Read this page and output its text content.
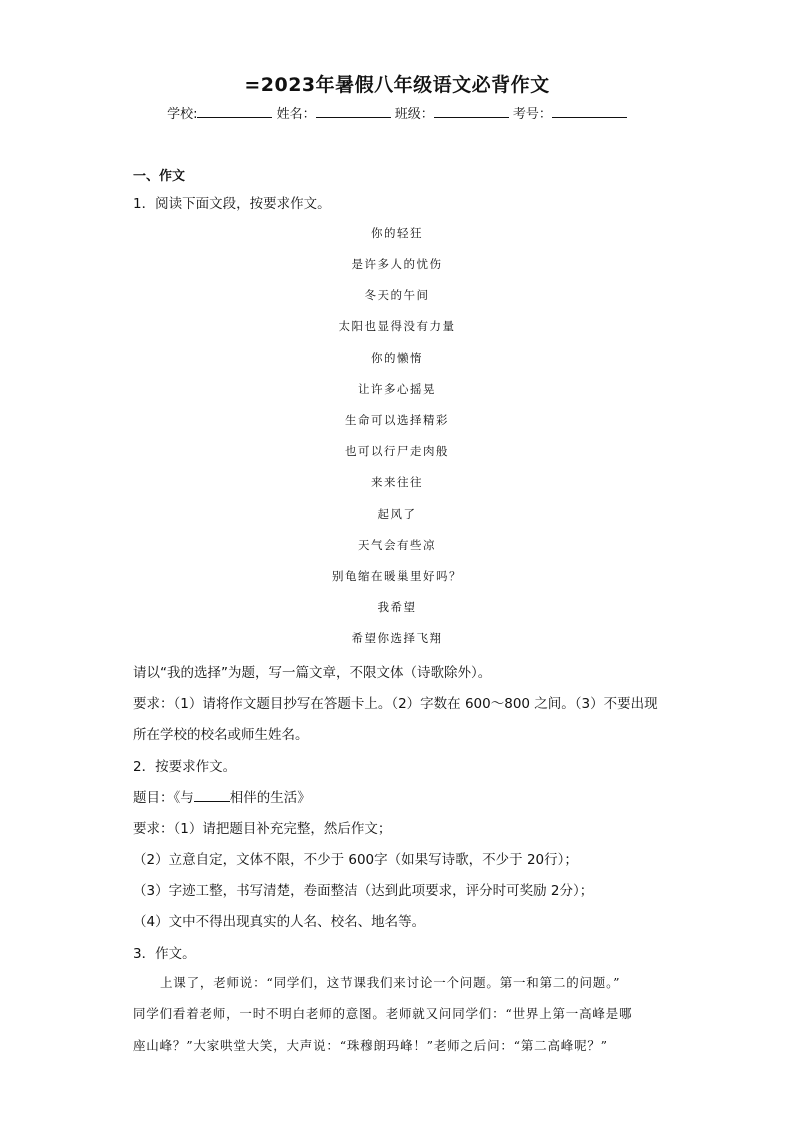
=2023年暑假八年级语文必背作文
学校:	姓名：	班级：	考号：
一、作文
1．阅读下面文段，按要求作文。
你的轻狂
是许多人的忧伤
冬天的午间
太阳也显得没有力量
你的懒惰
让许多心摇晃
生命可以选择精彩
也可以行尸走肉般
来来往往
起风了
天气会有些凉
别龟缩在暖巢里好吗？
我希望
希望你选择飞翔
请以“我的选择”为题，写一篇文章，不限文体（诗歌除外）。
要求：（1）请将作文题目抄写在答题卡上。（2）字数在 600～800 之间。（3）不要出现
所在学校的校名或师生姓名。
2．按要求作文。
题目：《与	相伴的生活》
要求：（1）请把题目补充完整，然后作文；
（2）立意自定，文体不限，不少于 600字（如果写诗歌，不少于 20行）；
（3）字迹工整，书写清楚，卷面整洁（达到此项要求，评分时可奖励 2分）；
（4）文中不得出现真实的人名、校名、地名等。
3．作文。
上课了，老师说：“同学们，这节课我们来讨论一个问题。第一和第二的问题。”
同学们看着老师，一时不明白老师的意图。老师就又问同学们：“世界上第一高峰是哪
座山峰？”大家哄堂大笑，大声说：“珠穆朗玛峰！”老师之后问：“第二高峰呢？”
